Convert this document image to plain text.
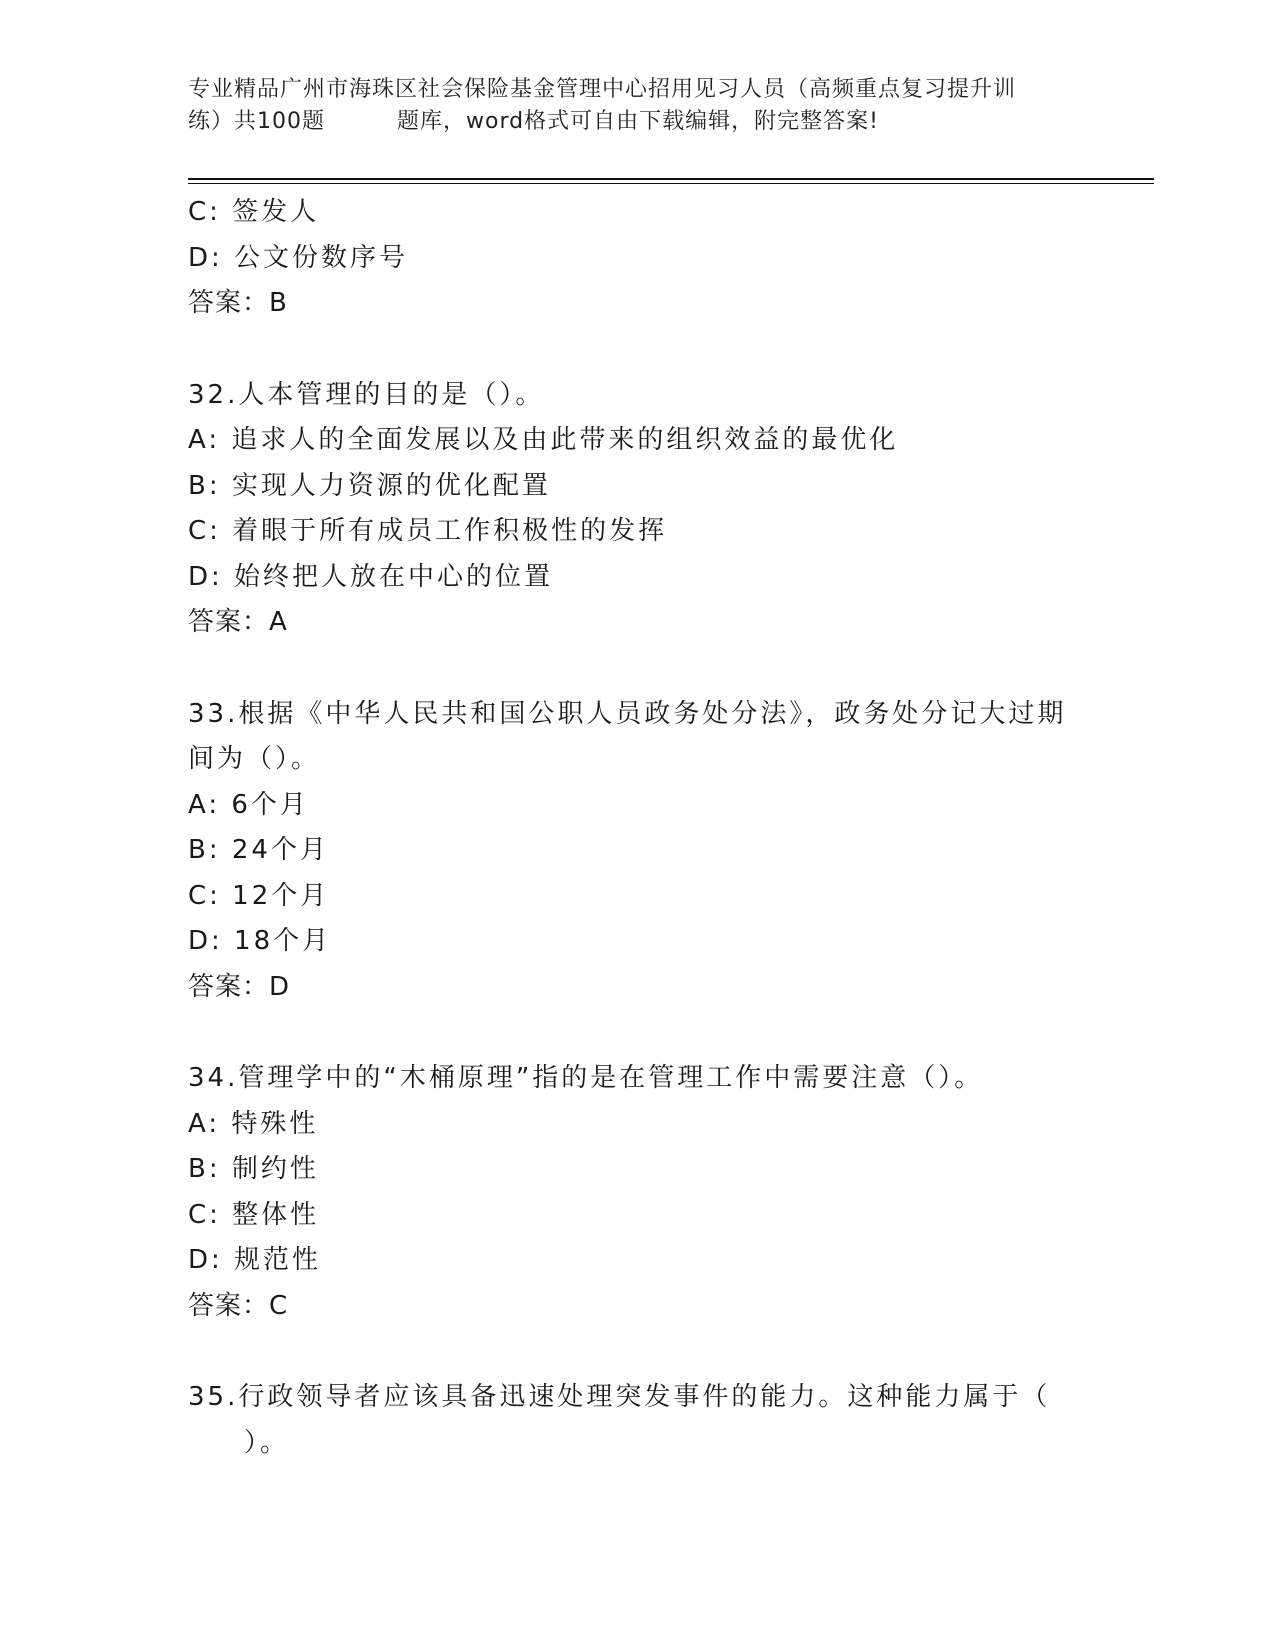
专业精品广州市海珠区社会保险基金管理中心招用见习人员（高频重点复习提升训
练）共100题	题库，word格式可自由下载编辑，附完整答案!
C: 签发人
D: 公文份数序号
答案：B
32.人本管理的目的是（）。
A: 追求人的全面发展以及由此带来的组织效益的最优化
B: 实现人力资源的优化配置
C: 着眼于所有成员工作积极性的发挥
D: 始终把人放在中心的位置
答案：A
33.根据《中华人民共和国公职人员政务处分法》，政务处分记大过期
间为（）。
A: 6个月
B: 24个月
C: 12个月
D: 18个月
答案：D
34.管理学中的“木桶原理”指的是在管理工作中需要注意（）。
A: 特殊性
B: 制约性
C: 整体性
D: 规范性
答案：C
35.行政领导者应该具备迅速处理突发事件的能力。这种能力属于（
）。
